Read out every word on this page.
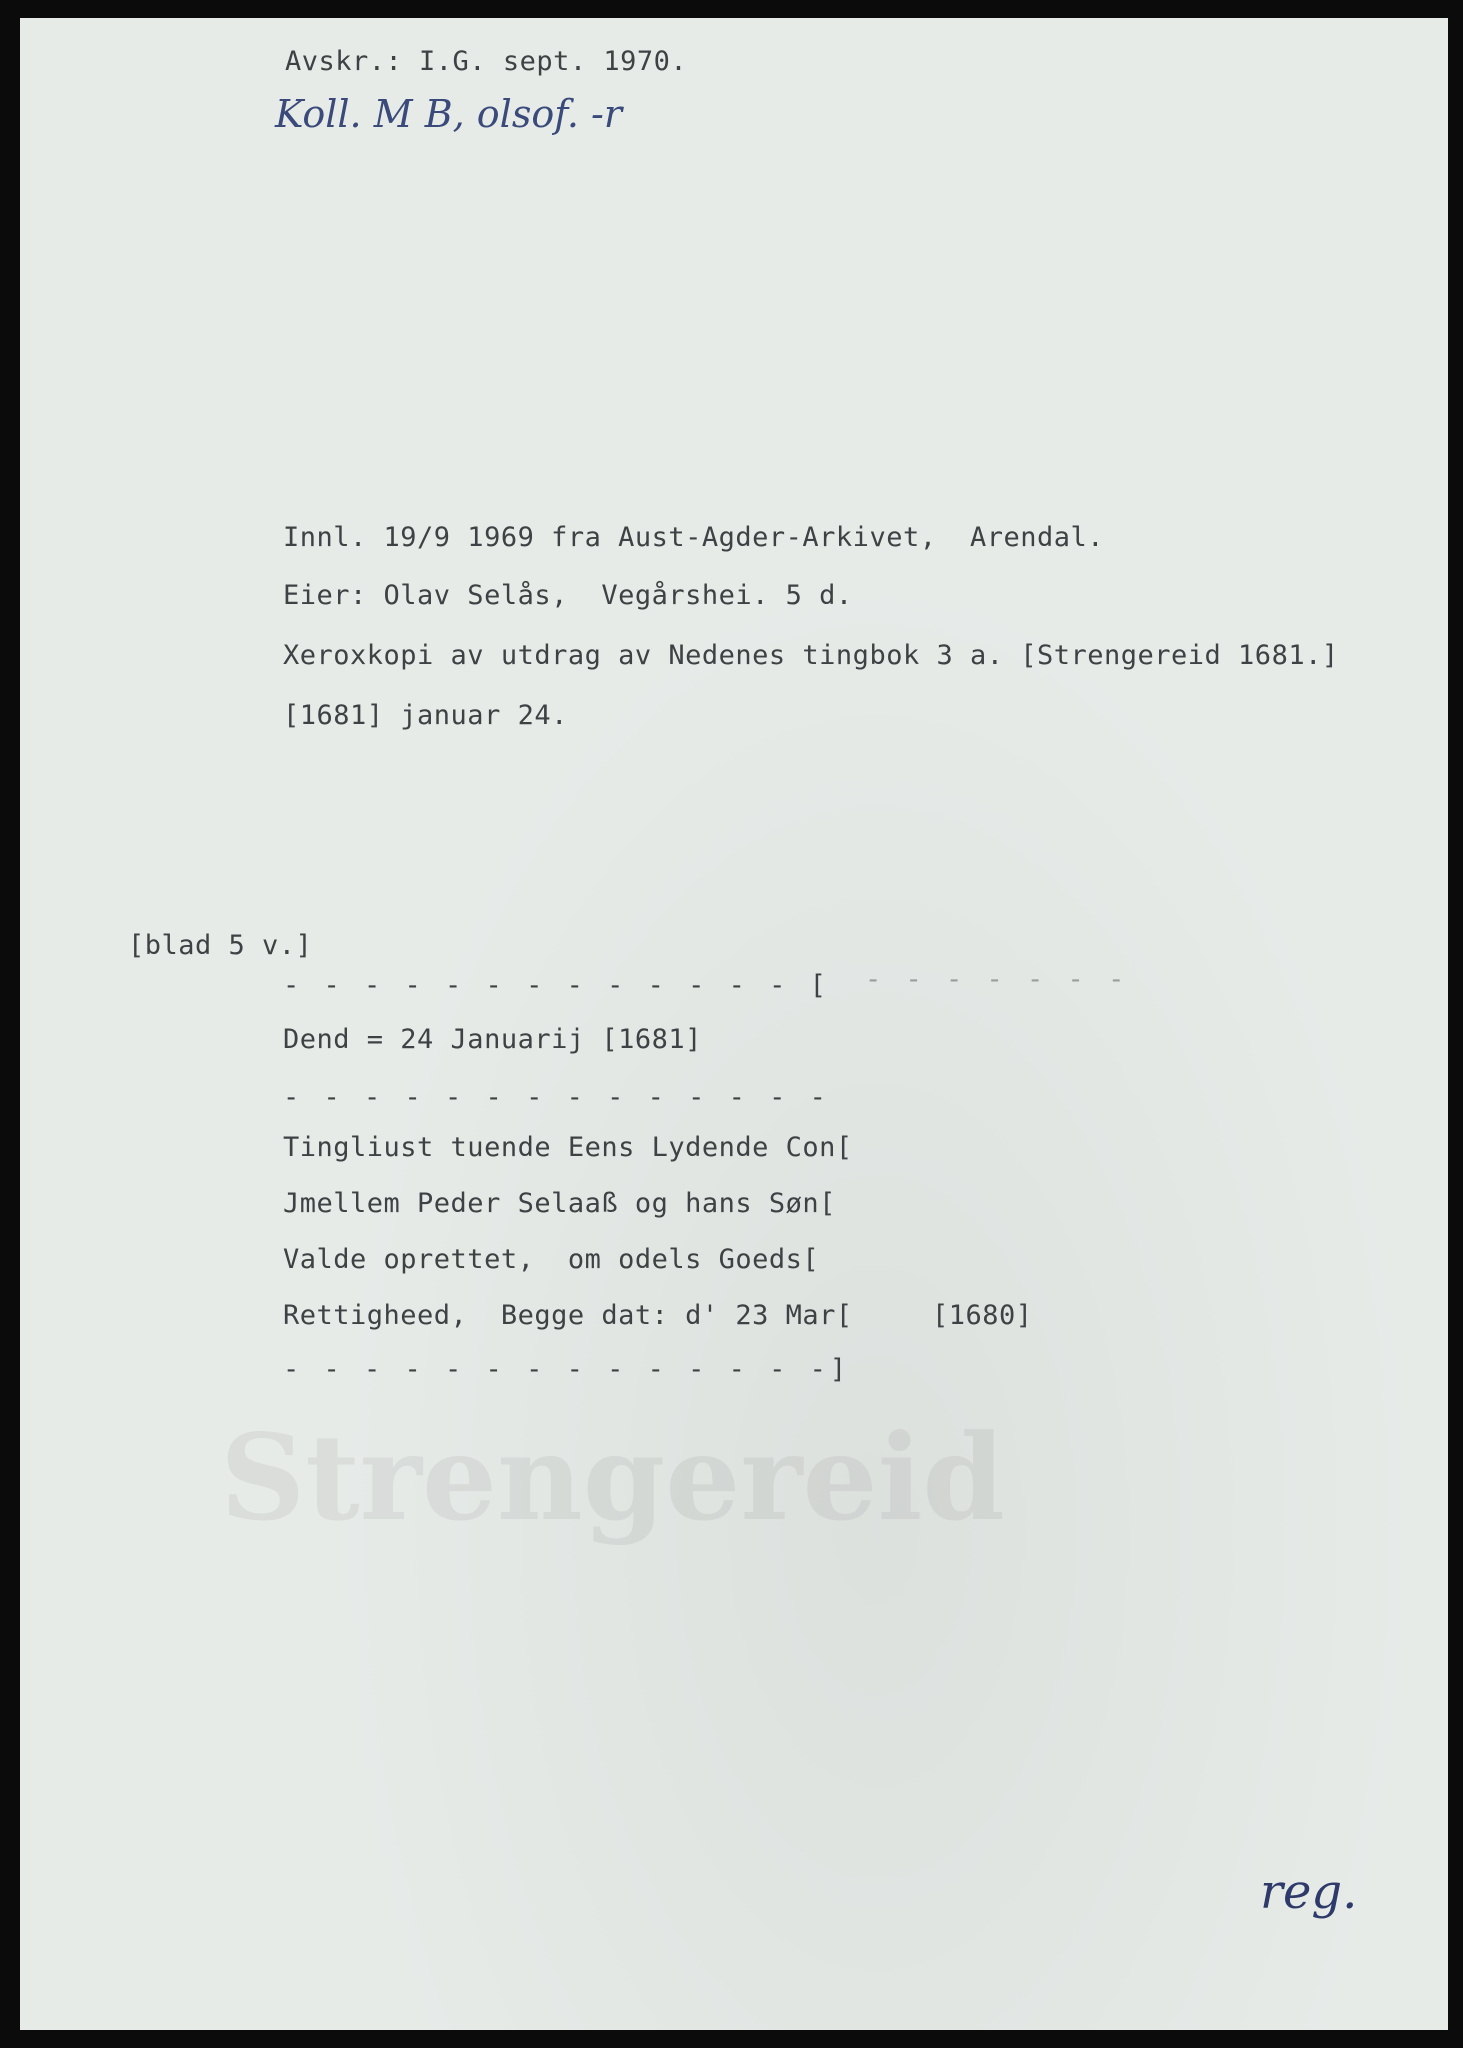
Strengereid
Avskr.: I.G. sept. 1970.
Koll. M B, olsof. -r
Innl. 19/9 1969 fra Aust-Agder-Arkivet,  Arendal.
Eier: Olav Selås,  Vegårshei. 5 d.
Xeroxkopi av utdrag av Nedenes tingbok 3 a. [Strengereid 1681.]
[1681] januar 24.
[blad 5 v.]
- - - - - - - - - - - - - [ - - - - - - -
Dend = 24 Januarij [1681]
- - - - - - - - - - - - - -
Tingliust tuende Eens Lydende Con[
Jmellem Peder Selaaß og hans Søn[
Valde oprettet,  om odels Goeds[
Rettigheed,  Begge dat: d' 23 Mar[	[1680]
- - - - - - - - - - - - - -]
reg.
